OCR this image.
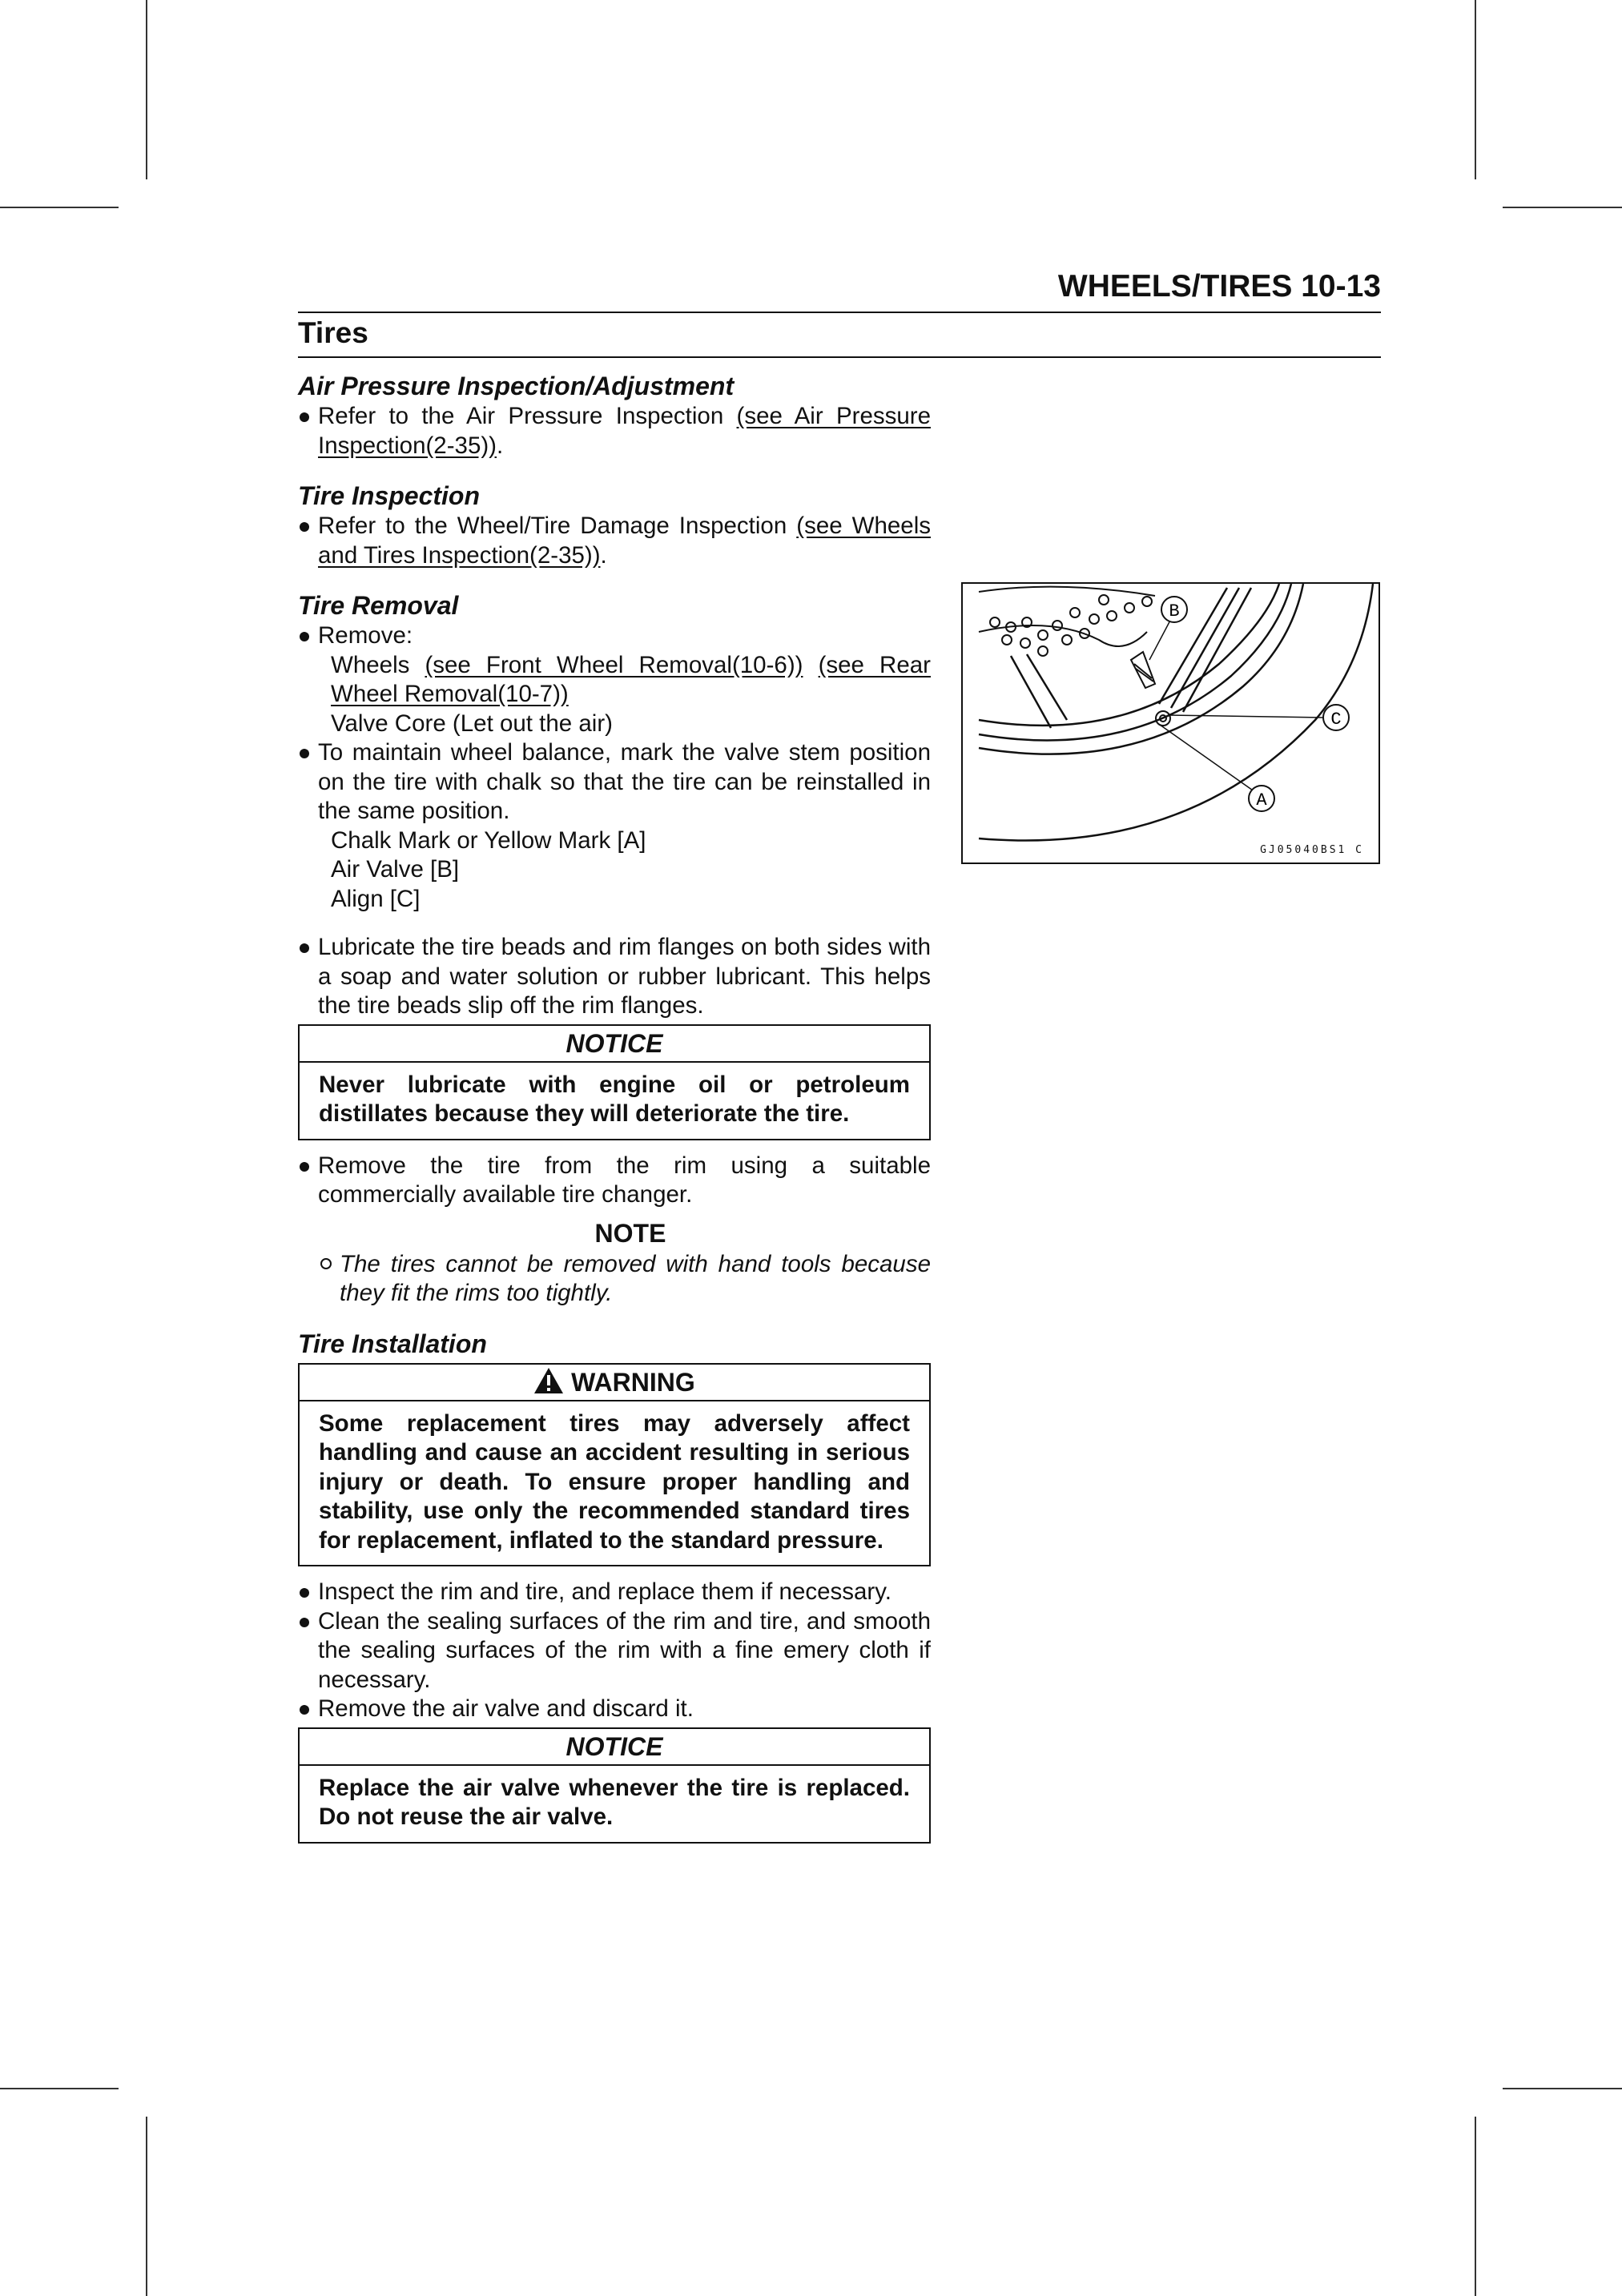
WHEELS/TIRES 10-13
Tires

Air Pressure Inspection/Adjustment

Refer to the Air Pressure Inspection (see Air Pressure Inspection(2-35)).

Tire Inspection

Refer to the Wheel/Tire Damage Inspection (see Wheels and Tires Inspection(2-35)).

Tire Removal

Remove:

Wheels (see Front Wheel Removal(10-6)) (see Rear Wheel Removal(10-7))

Valve Core (Let out the air)

To maintain wheel balance, mark the valve stem position on the tire with chalk so that the tire can be reinstalled in the same position.

Chalk Mark or Yellow Mark [A]

Air Valve [B]

Align [C]

Lubricate the tire beads and rim flanges on both sides with a soap and water solution or rubber lubricant. This helps the tire beads slip off the rim flanges.

NOTICE
Never lubricate with engine oil or petroleum distillates because they will deteriorate the tire.

Remove the tire from the rim using a suitable commercially available tire changer.

NOTE

The tires cannot be removed with hand tools because they fit the rims too tightly.

Tire Installation

WARNING
Some replacement tires may adversely affect handling and cause an accident resulting in serious injury or death. To ensure proper handling and stability, use only the recommended standard tires for replacement, inflated to the standard pressure.

Inspect the rim and tire, and replace them if necessary.

Clean the sealing surfaces of the rim and tire, and smooth the sealing surfaces of the rim with a fine emery cloth if necessary.

Remove the air valve and discard it.

NOTICE
Replace the air valve whenever the tire is replaced. Do not reuse the air valve.
B
C
A
GJ05040BS1 C
